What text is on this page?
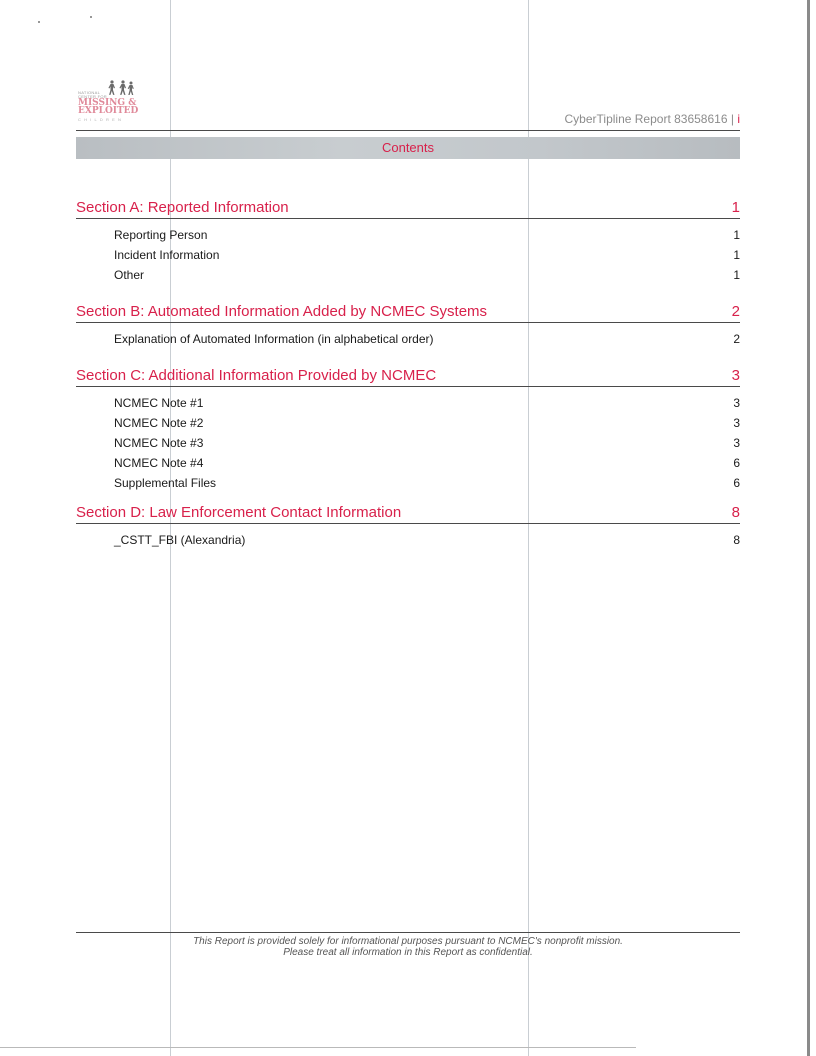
NATIONAL
CENTER FOR
MISSING &
EXPLOITED
CHILDREN	CyberTipline Report 83658616 | i
Contents
Section A: Reported Information	1
Reporting Person	1
Incident Information	1
Other	1
Section B: Automated Information Added by NCMEC Systems	2
Explanation of Automated Information (in alphabetical order)	2
Section C: Additional Information Provided by NCMEC	3
NCMEC Note #1	3
NCMEC Note #2	3
NCMEC Note #3	3
NCMEC Note #4	6
Supplemental Files	6
Section D: Law Enforcement Contact Information	8
_CSTT_FBI (Alexandria)	8
This Report is provided solely for informational purposes pursuant to NCMEC's nonprofit mission.
Please treat all information in this Report as confidential.
